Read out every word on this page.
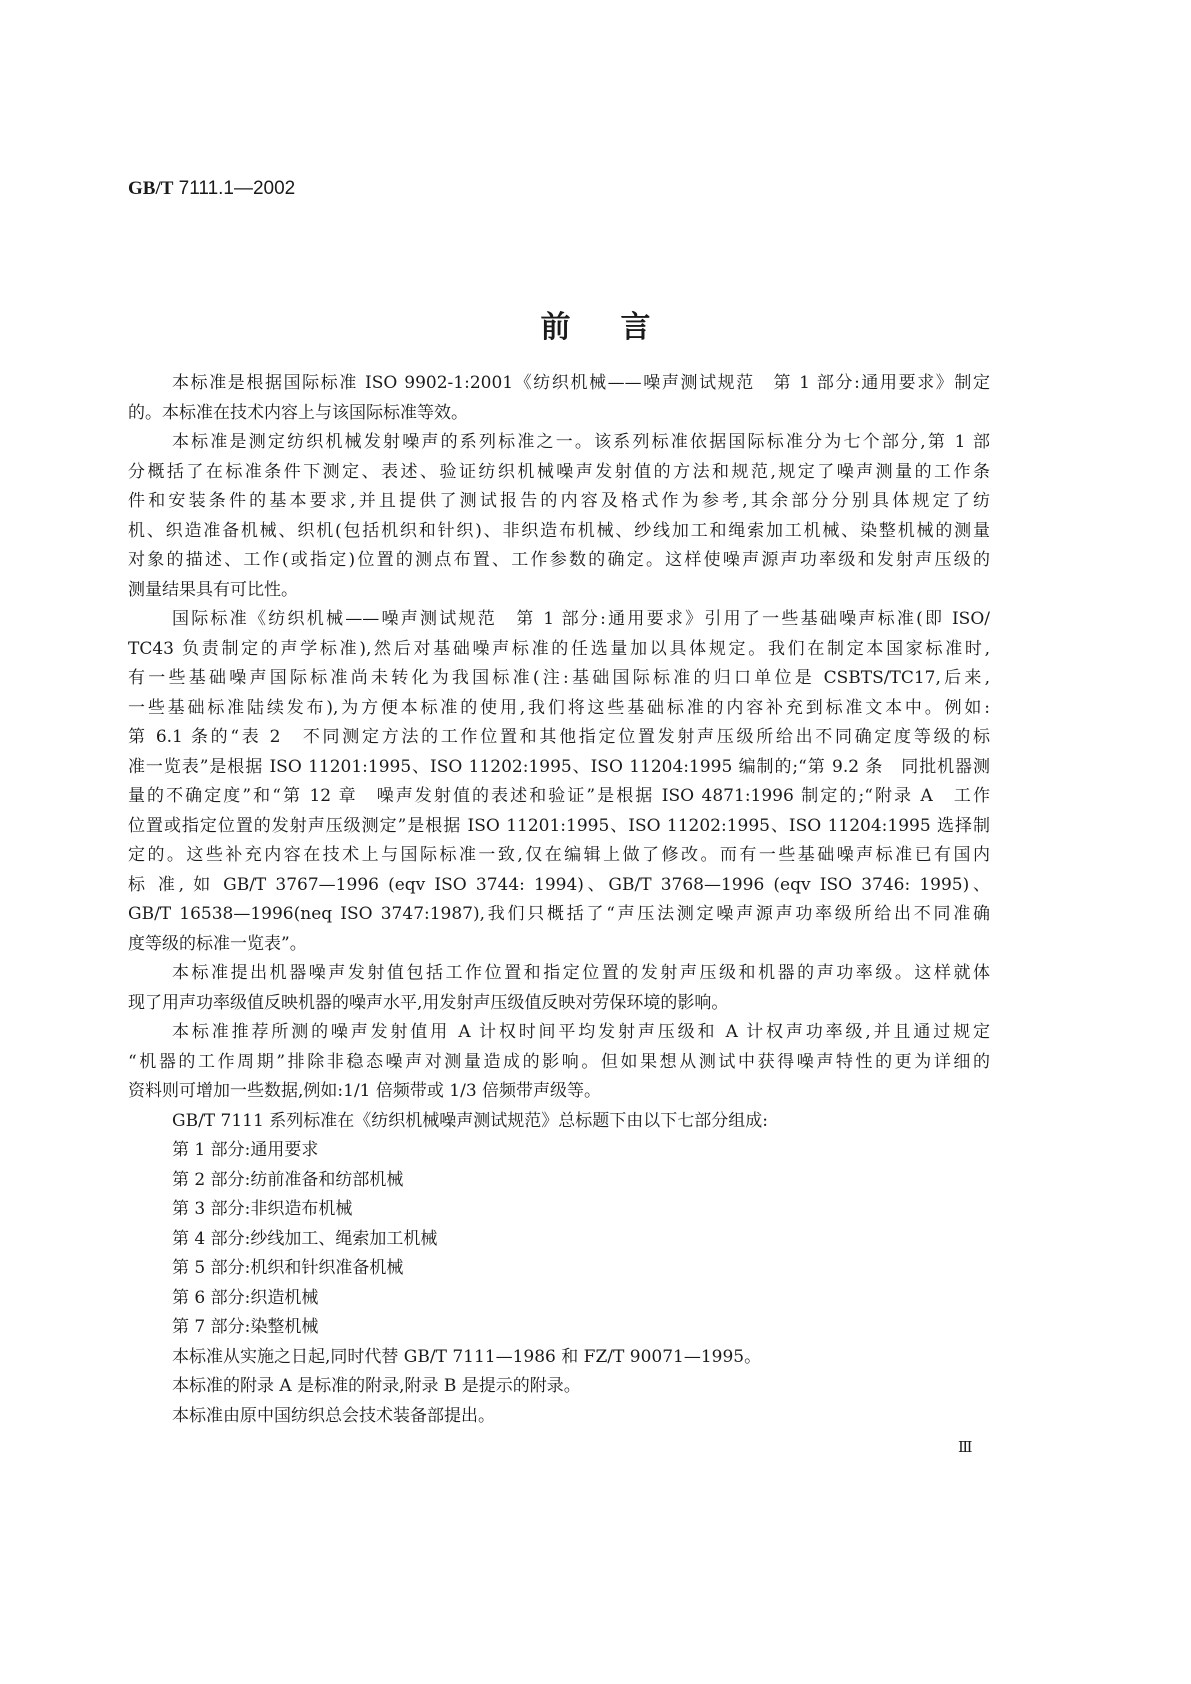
GB/T 7111.1—2002
前言
本标准是根据国际标准 ISO 9902-1:2001《纺织机械——噪声测试规范　第 1 部分:通用要求》制定
的。本标准在技术内容上与该国际标准等效。
本标准是测定纺织机械发射噪声的系列标准之一。该系列标准依据国际标准分为七个部分,第 1 部
分概括了在标准条件下测定、表述、验证纺织机械噪声发射值的方法和规范,规定了噪声测量的工作条
件和安装条件的基本要求,并且提供了测试报告的内容及格式作为参考,其余部分分别具体规定了纺
机、织造准备机械、织机(包括机织和针织)、非织造布机械、纱线加工和绳索加工机械、染整机械的测量
对象的描述、工作(或指定)位置的测点布置、工作参数的确定。这样使噪声源声功率级和发射声压级的
测量结果具有可比性。
国际标准《纺织机械——噪声测试规范　第 1 部分:通用要求》引用了一些基础噪声标准(即 ISO/
TC43 负责制定的声学标准),然后对基础噪声标准的任选量加以具体规定。我们在制定本国家标准时,
有一些基础噪声国际标准尚未转化为我国标准(注:基础国际标准的归口单位是 CSBTS/TC17,后来,
一些基础标准陆续发布),为方便本标准的使用,我们将这些基础标准的内容补充到标准文本中。例如:
第 6.1 条的“表 2　不同测定方法的工作位置和其他指定位置发射声压级所给出不同确定度等级的标
准一览表”是根据 ISO 11201:1995、ISO 11202:1995、ISO 11204:1995 编制的;“第 9.2 条　同批机器测
量的不确定度”和“第 12 章　噪声发射值的表述和验证”是根据 ISO 4871:1996 制定的;“附录 A　工作
位置或指定位置的发射声压级测定”是根据 ISO 11201:1995、ISO 11202:1995、ISO 11204:1995 选择制
定的。这些补充内容在技术上与国际标准一致,仅在编辑上做了修改。而有一些基础噪声标准已有国内
标 准, 如 GB/T 3767—1996 (eqv ISO 3744: 1994)、GB/T 3768—1996 (eqv ISO 3746: 1995)、
GB/T 16538—1996(neq ISO 3747:1987),我们只概括了“声压法测定噪声源声功率级所给出不同准确
度等级的标准一览表”。
本标准提出机器噪声发射值包括工作位置和指定位置的发射声压级和机器的声功率级。这样就体
现了用声功率级值反映机器的噪声水平,用发射声压级值反映对劳保环境的影响。
本标准推荐所测的噪声发射值用 A 计权时间平均发射声压级和 A 计权声功率级,并且通过规定
“机器的工作周期”排除非稳态噪声对测量造成的影响。但如果想从测试中获得噪声特性的更为详细的
资料则可增加一些数据,例如:1/1 倍频带或 1/3 倍频带声级等。
GB/T 7111 系列标准在《纺织机械噪声测试规范》总标题下由以下七部分组成:
第 1 部分:通用要求
第 2 部分:纺前准备和纺部机械
第 3 部分:非织造布机械
第 4 部分:纱线加工、绳索加工机械
第 5 部分:机织和针织准备机械
第 6 部分:织造机械
第 7 部分:染整机械
本标准从实施之日起,同时代替 GB/T 7111—1986 和 FZ/T 90071—1995。
本标准的附录 A 是标准的附录,附录 B 是提示的附录。
本标准由原中国纺织总会技术装备部提出。
Ⅲ
